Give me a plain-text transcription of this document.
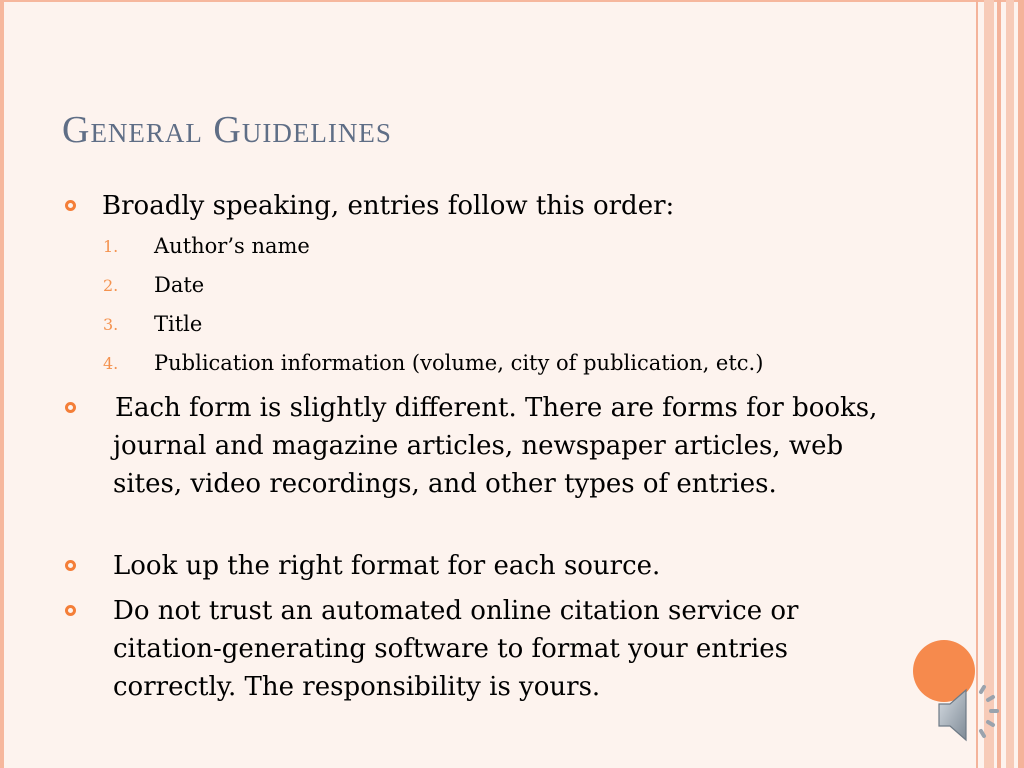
General Guidelines

Broadly speaking, entries follow this order:

1. Author’s name
2. Date
3. Title
4. Publication information (volume, city of publication, etc.)

Each form is slightly different. There are forms for books, journal and magazine articles, newspaper articles, web sites, video recordings, and other types of entries.

Look up the right format for each source.

Do not trust an automated online citation service or citation-generating software to format your entries correctly. The responsibility is yours.
